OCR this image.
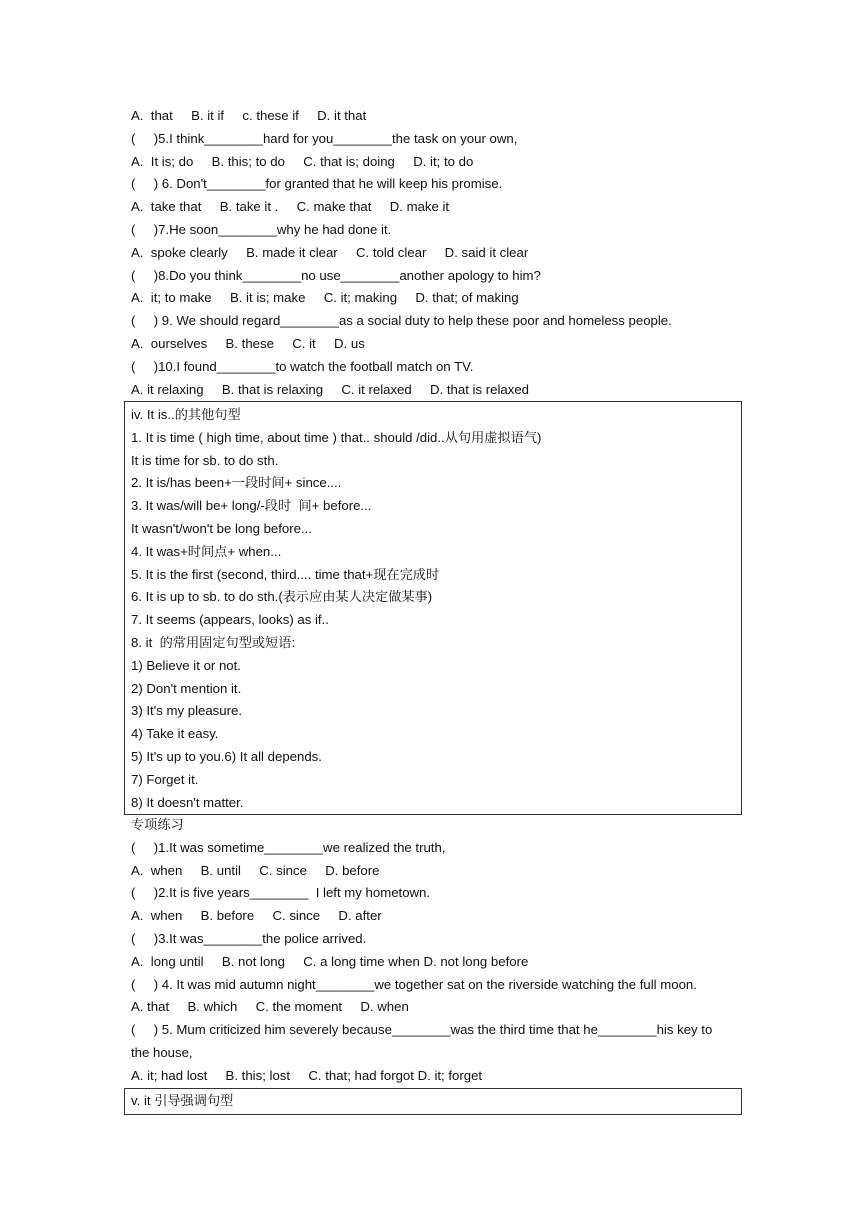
A.  that     B. it if     c. these if     D. it that
(     )5.I think________hard for you________the task on your own,
A.  It is; do     B. this; to do     C. that is; doing     D. it; to do
(     ) 6. Don't________for granted that he will keep his promise.
A.  take that     B. take it .     C. make that     D. make it
(     )7.He soon________why he had done it.
A.  spoke clearly     B. made it clear     C. told clear     D. said it clear
(     )8.Do you think________no use________another apology to him?
A.  it; to make     B. it is; make     C. it; making     D. that; of making
(     ) 9. We should regard________as a social duty to help these poor and homeless people.
A.  ourselves     B. these     C. it     D. us
(     )10.I found________to watch the football match on TV.
A. it relaxing     B. that is relaxing     C. it relaxed     D. that is relaxed
iv. It is..的其他句型
1. It is time ( high time, about time ) that.. should /did..从句用虚拟语气)
It is time for sb. to do sth.
2. It is/has been+一段时间+ since....
3. It was/will be+ long/-段时  间+ before...
It wasn't/won't be long before...
4. It was+时间点+ when...
5. It is the first (second, third.... time that+现在完成时
6. It is up to sb. to do sth.(表示应由某人决定做某事)
7. It seems (appears, looks) as if..
8. it  的常用固定句型或短语:
1) Believe it or not.
2) Don't mention it.
3) It's my pleasure.
4) Take it easy.
5) It's up to you.6) It all depends.
7) Forget it.
8) It doesn't matter.
专项练习
(     )1.It was sometime________we realized the truth,
A.  when     B. until     C. since     D. before
(     )2.It is five years________  I left my hometown.
A.  when     B. before     C. since     D. after
(     )3.It was________the police arrived.
A.  long until     B. not long     C. a long time when D. not long before
(     ) 4. It was mid autumn night________we together sat on the riverside watching the full moon.
A. that     B. which     C. the moment     D. when
(     ) 5. Mum criticized him severely because________was the third time that he________his key to
the house,
A. it; had lost     B. this; lost     C. that; had forgot D. it; forget
v. it 引导强调句型
